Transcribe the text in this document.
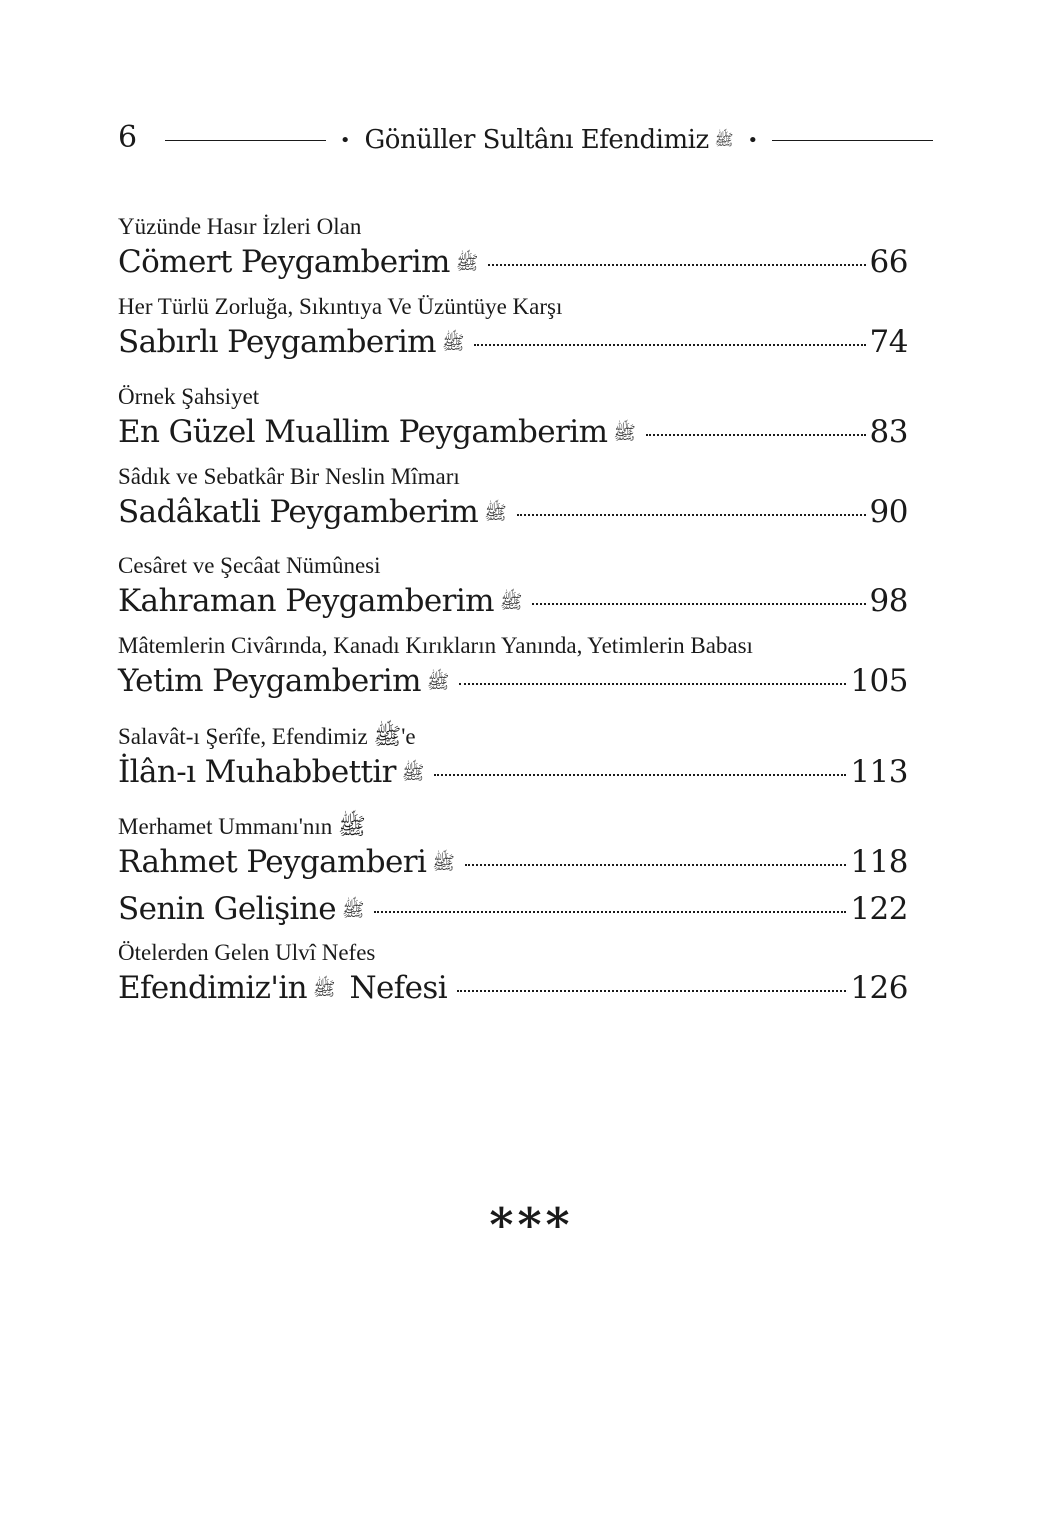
6	• Gönüller Sultânı Efendimiz ﷺ •
Yüzünde Hasır İzleri Olan
Cömert Peygamberim ﷺ	66
Her Türlü Zorluğa, Sıkıntıya Ve Üzüntüye Karşı
Sabırlı Peygamberim ﷺ	74
Örnek Şahsiyet
En Güzel Muallim Peygamberim ﷺ	83
Sâdık ve Sebatkâr Bir Neslin Mîmarı
Sadâkatli Peygamberim ﷺ	90
Cesâret ve Şecâat Nümûnesi
Kahraman Peygamberim ﷺ	98
Mâtemlerin Civârında, Kanadı Kırıkların Yanında, Yetimlerin Babası
Yetim Peygamberim ﷺ	105
Salavât-ı Şerîfe, Efendimiz ﷺ'e
İlân-ı Muhabbettir ﷺ	113
Merhamet Ummanı'nın ﷺ
Rahmet Peygamberi ﷺ	118
Senin Gelişine ﷺ	122
Ötelerden Gelen Ulvî Nefes
Efendimiz'in ﷺ Nefesi	126
***
